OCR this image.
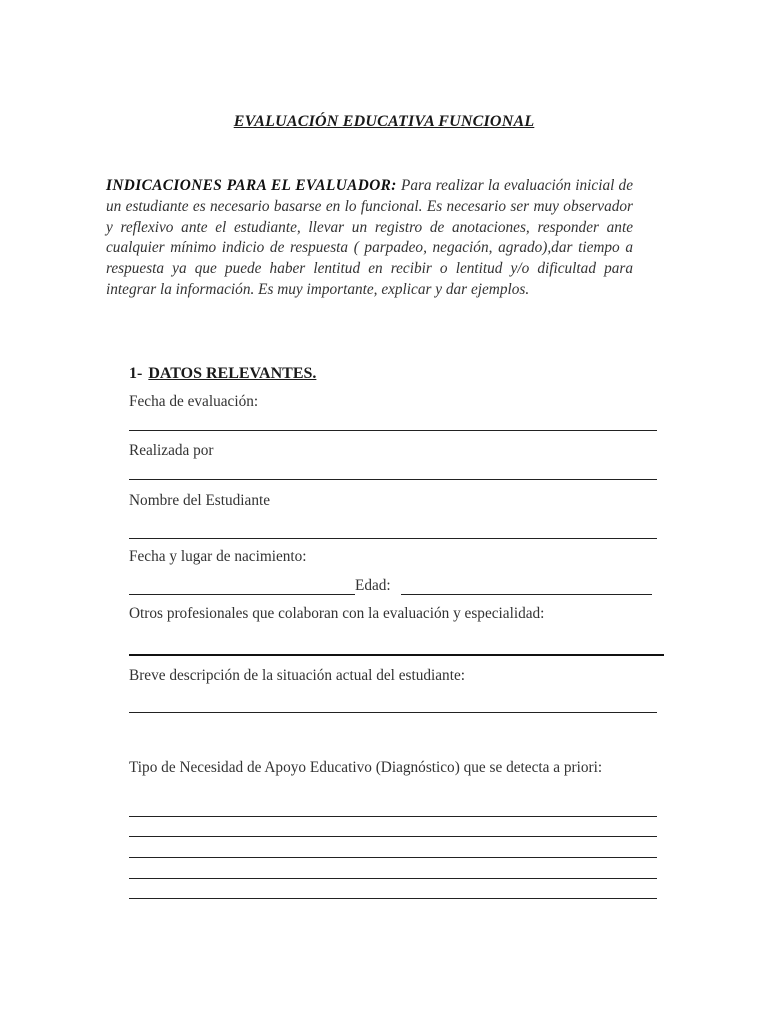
EVALUACIÓN EDUCATIVA FUNCIONAL
INDICACIONES PARA EL EVALUADOR: Para realizar la evaluación inicial de un estudiante es necesario basarse en lo funcional. Es necesario ser muy observador y reflexivo ante el estudiante, llevar un registro de anotaciones, responder ante cualquier mínimo indicio de respuesta ( parpadeo, negación, agrado),dar tiempo a respuesta ya que puede haber lentitud en recibir o lentitud y/o dificultad para integrar la información. Es muy importante, explicar y dar ejemplos.
1- DATOS RELEVANTES.
Fecha de evaluación:
Realizada por
Nombre del Estudiante
Fecha y lugar de nacimiento:
Edad:
Otros profesionales que colaboran con la evaluación y especialidad:
Breve descripción de la situación actual del estudiante:
Tipo de Necesidad de Apoyo Educativo (Diagnóstico) que se detecta a priori:
